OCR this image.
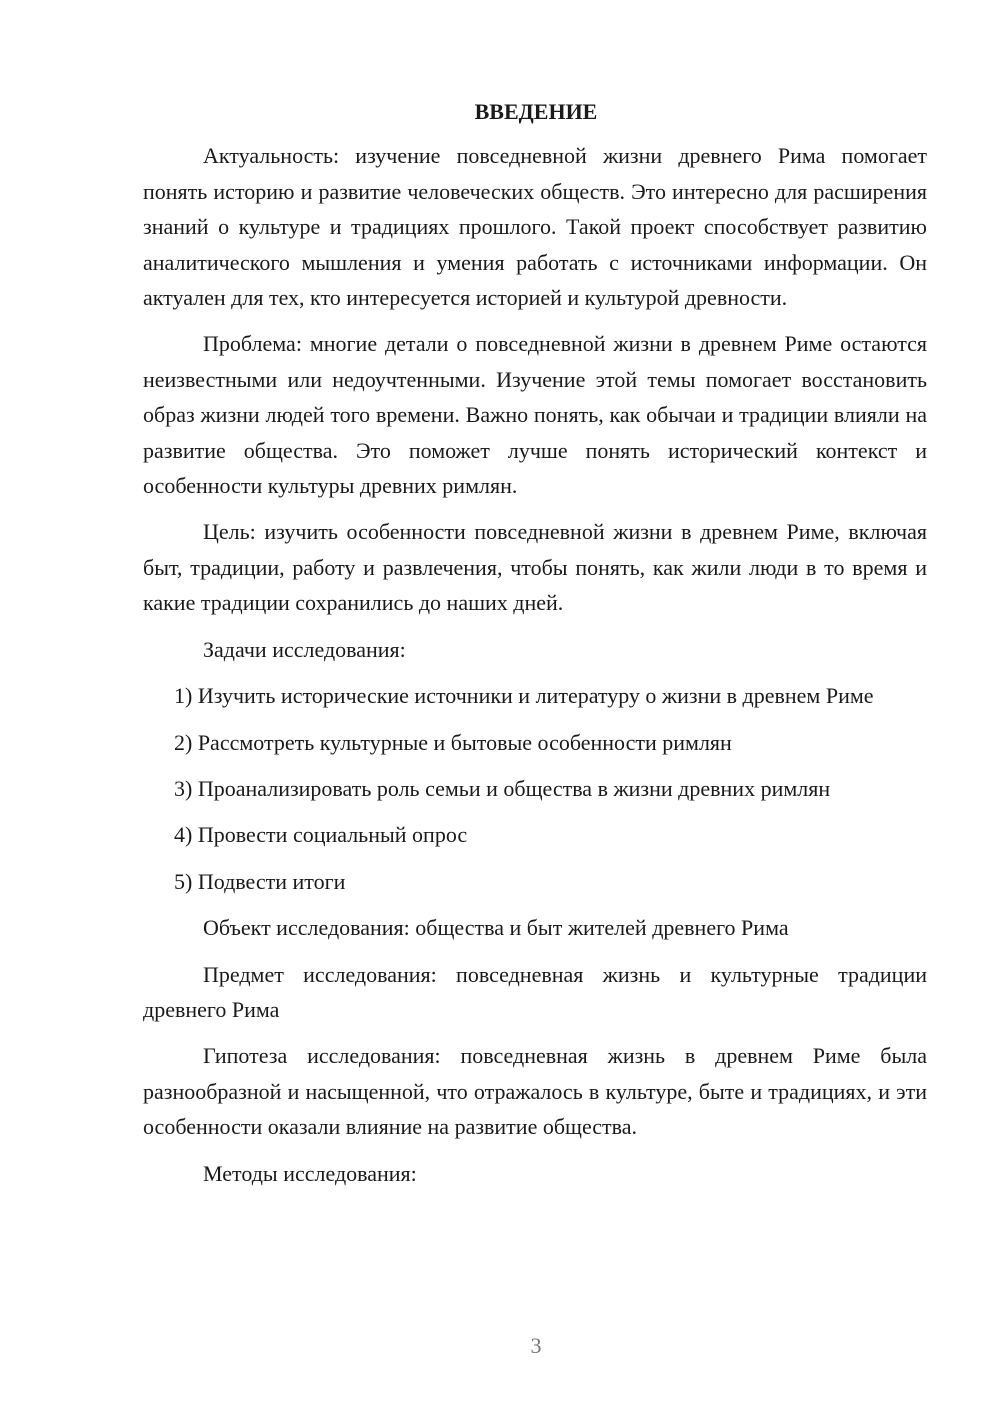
ВВЕДЕНИЕ

Актуальность: изучение повседневной жизни древнего Рима помогает понять историю и развитие человеческих обществ. Это интересно для расширения знаний о культуре и традициях прошлого. Такой проект способствует развитию аналитического мышления и умения работать с источниками информации. Он актуален для тех, кто интересуется историей и культурой древности.

Проблема: многие детали о повседневной жизни в древнем Риме остаются неизвестными или недоучтенными. Изучение этой темы помогает восстановить образ жизни людей того времени. Важно понять, как обычаи и традиции влияли на развитие общества. Это поможет лучше понять исторический контекст и особенности культуры древних римлян.

Цель: изучить особенности повседневной жизни в древнем Риме, включая быт, традиции, работу и развлечения, чтобы понять, как жили люди в то время и какие традиции сохранились до наших дней.

Задачи исследования:

1) Изучить исторические источники и литературу о жизни в древнем Риме

2) Рассмотреть культурные и бытовые особенности римлян

3) Проанализировать роль семьи и общества в жизни древних римлян

4) Провести социальный опрос

5) Подвести итоги

Объект исследования: общества и быт жителей древнего Рима

Предмет исследования: повседневная жизнь и культурные традиции древнего Рима

Гипотеза исследования: повседневная жизнь в древнем Риме была разнообразной и насыщенной, что отражалось в культуре, быте и традициях, и эти особенности оказали влияние на развитие общества.

Методы исследования:

3
